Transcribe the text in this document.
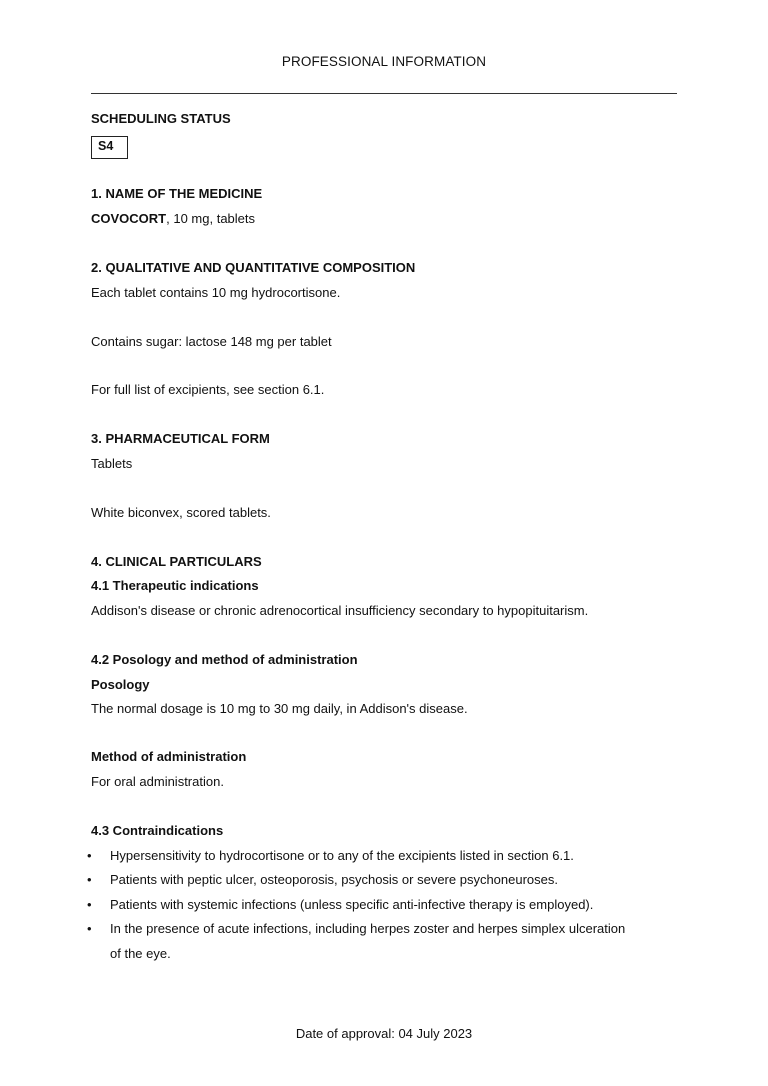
PROFESSIONAL INFORMATION
SCHEDULING STATUS
S4
1. NAME OF THE MEDICINE
COVOCORT, 10 mg, tablets
2. QUALITATIVE AND QUANTITATIVE COMPOSITION
Each tablet contains 10 mg hydrocortisone.
Contains sugar: lactose 148 mg per tablet
For full list of excipients, see section 6.1.
3. PHARMACEUTICAL FORM
Tablets
White biconvex, scored tablets.
4. CLINICAL PARTICULARS
4.1 Therapeutic indications
Addison's disease or chronic adrenocortical insufficiency secondary to hypopituitarism.
4.2 Posology and method of administration
Posology
The normal dosage is 10 mg to 30 mg daily, in Addison's disease.
Method of administration
For oral administration.
4.3 Contraindications
• Hypersensitivity to hydrocortisone or to any of the excipients listed in section 6.1.
• Patients with peptic ulcer, osteoporosis, psychosis or severe psychoneuroses.
• Patients with systemic infections (unless specific anti-infective therapy is employed).
• In the presence of acute infections, including herpes zoster and herpes simplex ulceration
of the eye.
Date of approval: 04 July 2023
